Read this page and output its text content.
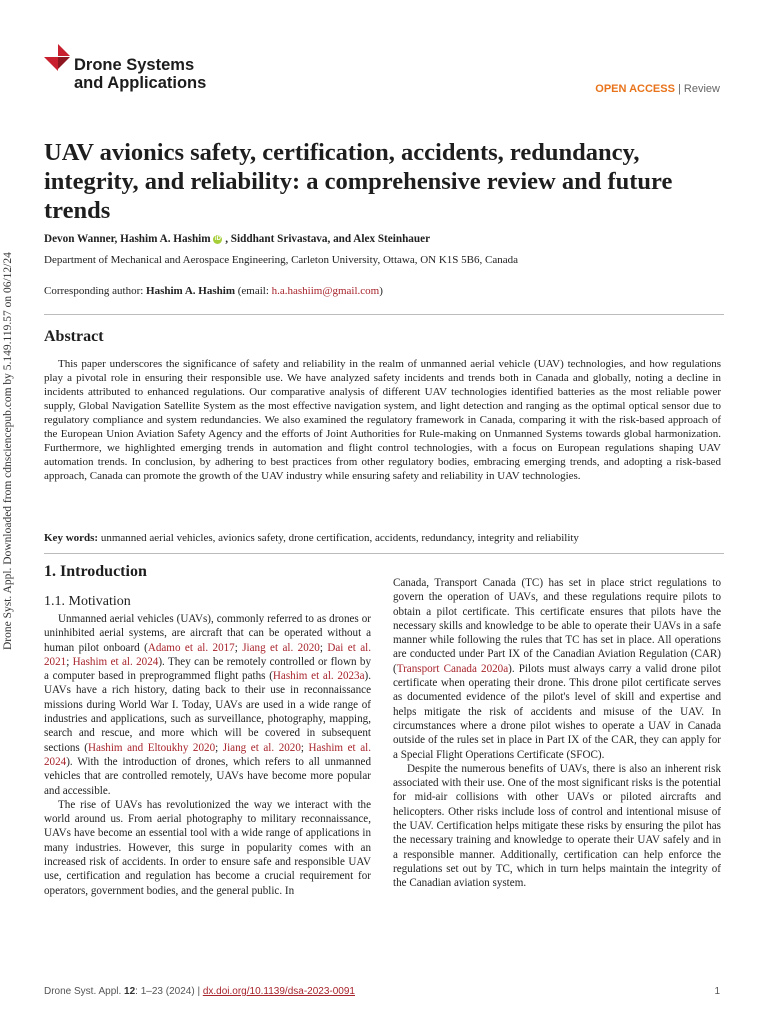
Drone Systems
and Applications	OPEN ACCESS | Review
Drone Syst. Appl. Downloaded from cdnsciencepub.com by 5.149.119.57 on 06/12/24
UAV avionics safety, certification, accidents, redundancy, integrity, and reliability: a comprehensive review and future trends
Devon Wanner, Hashim A. Hashim iD , Siddhant Srivastava, and Alex Steinhauer
Department of Mechanical and Aerospace Engineering, Carleton University, Ottawa, ON K1S 5B6, Canada
Corresponding author: Hashim A. Hashim (email: h.a.hashiim@gmail.com)
Abstract

This paper underscores the significance of safety and reliability in the realm of unmanned aerial vehicle (UAV) technologies, and how regulations play a pivotal role in ensuring their responsible use. We have analyzed safety incidents and trends both in Canada and globally, noting a decline in incidents attributed to enhanced regulations. Our comparative analysis of different UAV technologies identified batteries as the most reliable power supply, Global Navigation Satellite System as the most effective navigation system, and light detection and ranging as the optimal optical sensor due to regulatory compliance and system redundancies. We also examined the regulatory framework in Canada, comparing it with the risk-based approach of the European Union Aviation Safety Agency and the efforts of Joint Authorities for Rule-making on Unmanned Systems towards global harmonization. Furthermore, we highlighted emerging trends in automation and flight control technologies, with a focus on European regulations shaping UAV automation trends. In conclusion, by adhering to best practices from other regulatory bodies, embracing emerging trends, and adopting a risk-based approach, Canada can promote the growth of the UAV industry while ensuring safety and reliability in UAV technologies.

Key words: unmanned aerial vehicles, avionics safety, drone certification, accidents, redundancy, integrity and reliability
1. Introduction
1.1. Motivation

Unmanned aerial vehicles (UAVs), commonly referred to as drones or uninhibited aerial systems, are aircraft that can be operated without a human pilot onboard (Adamo et al. 2017; Jiang et al. 2020; Dai et al. 2021; Hashim et al. 2024). They can be remotely controlled or flown by a computer based in preprogrammed flight paths (Hashim et al. 2023a). UAVs have a rich history, dating back to their use in reconnaissance missions during World War I. Today, UAVs are used in a wide range of industries and applications, such as surveillance, photography, mapping, search and rescue, and more which will be covered in subsequent sections (Hashim and Eltoukhy 2020; Jiang et al. 2020; Hashim et al. 2024). With the introduction of drones, which refers to all unmanned vehicles that are controlled remotely, UAVs have become more popular and accessible.

The rise of UAVs has revolutionized the way we interact with the world around us. From aerial photography to military reconnaissance, UAVs have become an essential tool with a wide range of applications in many industries. However, this surge in popularity comes with an increased risk of accidents. In order to ensure safe and responsible UAV use, certification and regulation has become a crucial requirement for operators, government bodies, and the general public. In

Canada, Transport Canada (TC) has set in place strict regulations to govern the operation of UAVs, and these regulations require pilots to obtain a pilot certificate. This certificate ensures that pilots have the necessary skills and knowledge to be able to operate their UAVs in a safe manner while following the rules that TC has set in place. All operations are conducted under Part IX of the Canadian Aviation Regulation (CAR) (Transport Canada 2020a). Pilots must always carry a valid drone pilot certificate when operating their drone. This drone pilot certificate serves as documented evidence of the pilot's level of skill and expertise and helps mitigate the risk of accidents and misuse of the UAV. In circumstances where a drone pilot wishes to operate a UAV in Canada outside of the rules set in place in Part IX of the CAR, they can apply for a Special Flight Operations Certificate (SFOC).

Despite the numerous benefits of UAVs, there is also an inherent risk associated with their use. One of the most significant risks is the potential for mid-air collisions with other UAVs or piloted aircrafts and helicopters. Other risks include loss of control and intentional misuse of the UAV. Certification helps mitigate these risks by ensuring the pilot has the necessary training and knowledge to operate their UAV safely and in a responsible manner. Additionally, certification can help enforce the regulations set out by TC, which in turn helps maintain the integrity of the Canadian aviation system.

Drone Syst. Appl. 12: 1–23 (2024) | dx.doi.org/10.1139/dsa-2023-0091	1
